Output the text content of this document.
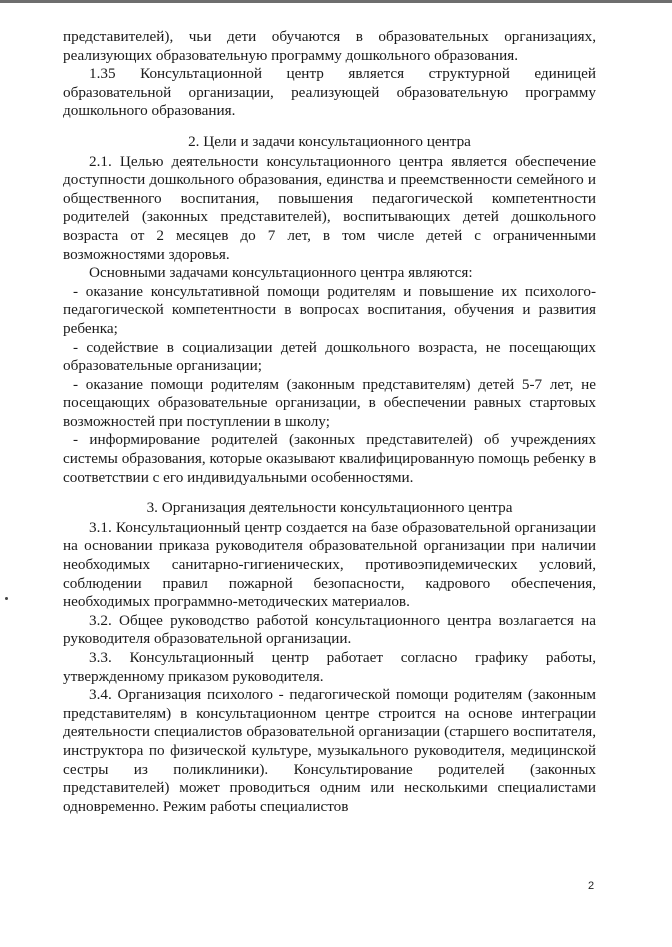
представителей), чьи дети обучаются в образовательных организациях, реализующих образовательную программу дошкольного образования.

1.35 Консультационной центр является структурной единицей образовательной организации, реализующей образовательную программу дошкольного образования.

2. Цели и задачи консультационного центра

2.1. Целью деятельности консультационного центра является обеспечение доступности дошкольного образования, единства и преемственности семейного и общественного воспитания, повышения педагогической компетентности родителей (законных представителей), воспитывающих детей дошкольного возраста от 2 месяцев до 7 лет, в том числе детей с ограниченными возможностями здоровья.

Основными задачами консультационного центра являются:

- оказание консультативной помощи родителям и повышение их психолого-педагогической компетентности в вопросах воспитания, обучения и развития ребенка;

- содействие в социализации детей дошкольного возраста, не посещающих образовательные организации;

- оказание помощи родителям (законным представителям) детей 5-7 лет, не посещающих образовательные организации, в обеспечении равных стартовых возможностей при поступлении в школу;

- информирование родителей (законных представителей) об учреждениях системы образования, которые оказывают квалифицированную помощь ребенку в соответствии с его индивидуальными особенностями.

3. Организация деятельности консультационного центра

3.1. Консультационный центр создается на базе образовательной организации на основании приказа руководителя образовательной организации при наличии необходимых санитарно-гигиенических, противоэпидемических условий, соблюдении правил пожарной безопасности, кадрового обеспечения, необходимых программно-методических материалов.

3.2. Общее руководство работой консультационного центра возлагается на руководителя образовательной организации.

3.3. Консультационный центр работает согласно графику работы, утвержденному приказом руководителя.

3.4. Организация психолого - педагогической помощи родителям (законным представителям) в консультационном центре строится на основе интеграции деятельности специалистов образовательной организации (старшего воспитателя, инструктора по физической культуре, музыкального руководителя, медицинской сестры из поликлиники). Консультирование родителей (законных представителей) может проводиться одним или несколькими специалистами одновременно. Режим работы специалистов

2
